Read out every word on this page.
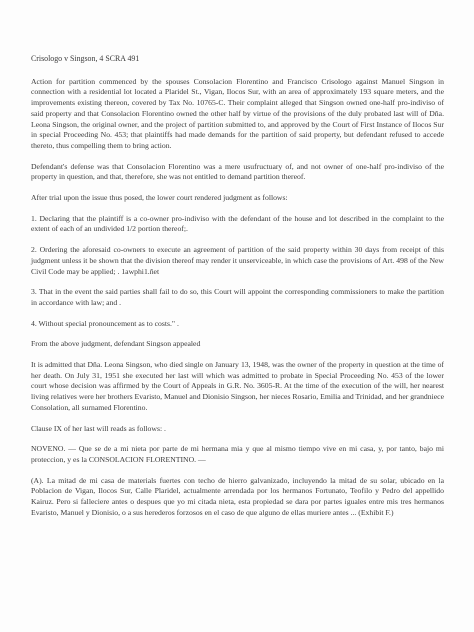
Crisologo v Singson, 4 SCRA 491

Action for partition commenced by the spouses Consolacion Florentino and Francisco Crisologo against Manuel Singson in connection with a residential lot located a Plaridel St., Vigan, Ilocos Sur, with an area of approximately 193 square meters, and the improvements existing thereon, covered by Tax No. 10765-C. Their complaint alleged that Singson owned one-half pro-indiviso of said property and that Consolacion Florentino owned the other half by virtue of the provisions of the duly probated last will of Dña. Leona Singson, the original owner, and the project of partition submitted to, and approved by the Court of First Instance of Ilocos Sur in special Proceeding No. 453; that plaintiffs had made demands for the partition of said property, but defendant refused to accede thereto, thus compelling them to bring action.

Defendant's defense was that Consolacion Florentino was a mere usufructuary of, and not owner of one-half pro-indiviso of the property in question, and that, therefore, she was not entitled to demand partition thereof.

After trial upon the issue thus posed, the lower court rendered judgment as follows:

1. Declaring that the plaintiff is a co-owner pro-indiviso with the defendant of the house and lot described in the complaint to the extent of each of an undivided 1/2 portion thereof;.

2. Ordering the aforesaid co-owners to execute an agreement of partition of the said property within 30 days from receipt of this judgment unless it be shown that the division thereof may render it unserviceable, in which case the provisions of Art. 498 of the New Civil Code may be applied; . 1awphi1.ñet

3. That in the event the said parties shall fail to do so, this Court will appoint the corresponding commissioners to make the partition in accordance with law; and .

4. Without special pronouncement as to costs." .

From the above judgment, defendant Singson appealed

It is admitted that Dña. Leona Singson, who died single on January 13, 1948, was the owner of the property in question at the time of her death. On July 31, 1951 she executed her last will which was admitted to probate in Special Proceeding No. 453 of the lower court whose decision was affirmed by the Court of Appeals in G.R. No. 3605-R. At the time of the execution of the will, her nearest living relatives were her brothers Evaristo, Manuel and Dionisio Singson, her nieces Rosario, Emilia and Trinidad, and her grandniece Consolation, all surnamed Florentino.

Clause IX of her last will reads as follows: .

NOVENO. — Que se de a mi nieta por parte de mi hermana mia y que al mismo tiempo vive en mi casa, y, por tanto, bajo mi proteccion, y es la CONSOLACION FLORENTINO. —

(A). La mitad de mi casa de materials fuertes con techo de hierro galvanizado, incluyendo la mitad de su solar, ubicado en la Poblacion de Vigan, Ilocos Sur, Calle Plaridel, actualmente arrendada por los hermanos Fortunato, Teofilo y Pedro del appellido Kairuz. Pero si falleciere antes o despues que yo mi citada nieta, esta propiedad se dara por partes iguales entre mis tres hermanos Evaristo, Manuel y Dionisio, o a sus herederos forzosos en el caso de que alguno de ellas muriere antes ... (Exhibit F.)
